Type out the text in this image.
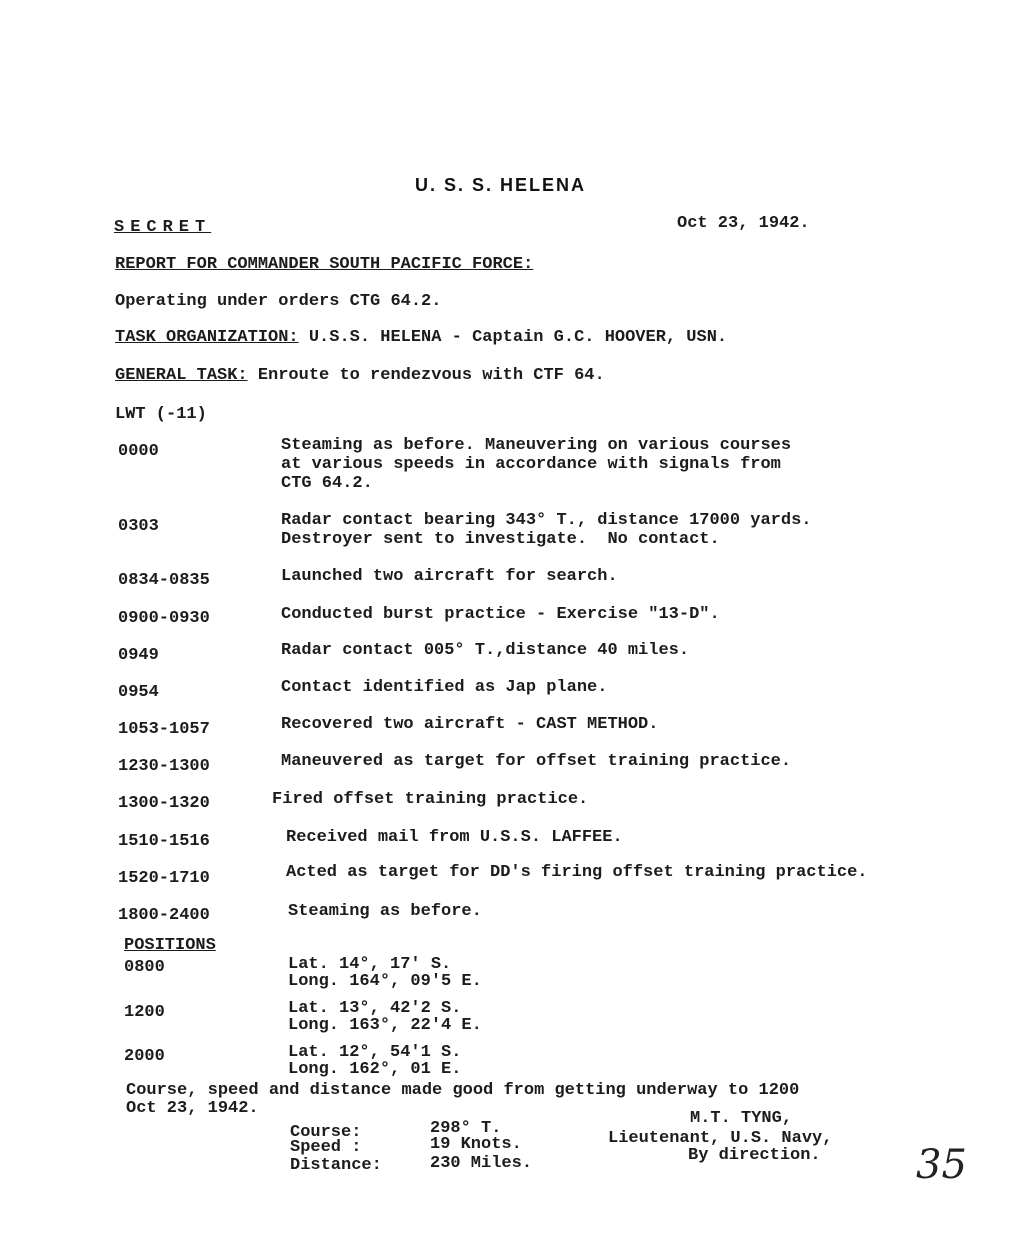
U. S. S. HELENA
SECRET	Oct 23, 1942.
REPORT FOR COMMANDER SOUTH PACIFIC FORCE:
Operating under orders CTG 64.2.
TASK ORGANIZATION: U.S.S. HELENA - Captain G.C. HOOVER, USN.
GENERAL TASK: Enroute to rendezvous with CTF 64.
LWT (-11)
0000	Steaming as before. Maneuvering on various courses
at various speeds in accordance with signals from
CTG 64.2.
0303	Radar contact bearing 343° T., distance 17000 yards.
Destroyer sent to investigate.  No contact.
0834-0835	Launched two aircraft for search.
0900-0930	Conducted burst practice - Exercise "13-D".
0949	Radar contact 005° T.,distance 40 miles.
0954	Contact identified as Jap plane.
1053-1057	Recovered two aircraft - CAST METHOD.
1230-1300	Maneuvered as target for offset training practice.
1300-1320	Fired offset training practice.
1510-1516	Received mail from U.S.S. LAFFEE.
1520-1710	Acted as target for DD's firing offset training practice.
1800-2400	Steaming as before.
POSITIONS
0800	Lat. 14°, 17' S.
Long. 164°, 09'5 E.
1200	Lat. 13°, 42'2 S.
Long. 163°, 22'4 E.
2000	Lat. 12°, 54'1 S.
Long. 162°, 01 E.
Course, speed and distance made good from getting underway to 1200
Oct 23, 1942.
Course:	298° T.
Speed :	19 Knots.
Distance:	230 Miles.
M.T. TYNG,
Lieutenant, U.S. Navy,
By direction. 35
